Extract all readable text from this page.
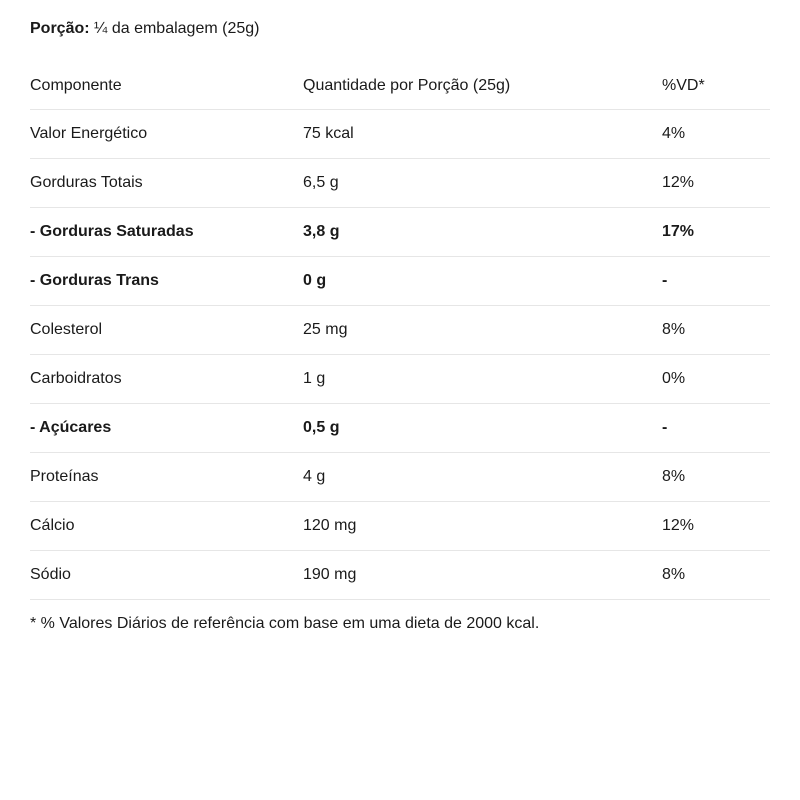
Porção: ¼ da embalagem (25g)
Componente	Quantidade por Porção (25g)	%VD*
Valor Energético	75 kcal	4%
Gorduras Totais	6,5 g	12%
- Gorduras Saturadas	3,8 g	17%
- Gorduras Trans	0 g	-
Colesterol	25 mg	8%
Carboidratos	1 g	0%
- Açúcares	0,5 g	-
Proteínas	4 g	8%
Cálcio	120 mg	12%
Sódio	190 mg	8%
* % Valores Diários de referência com base em uma dieta de 2000 kcal.
